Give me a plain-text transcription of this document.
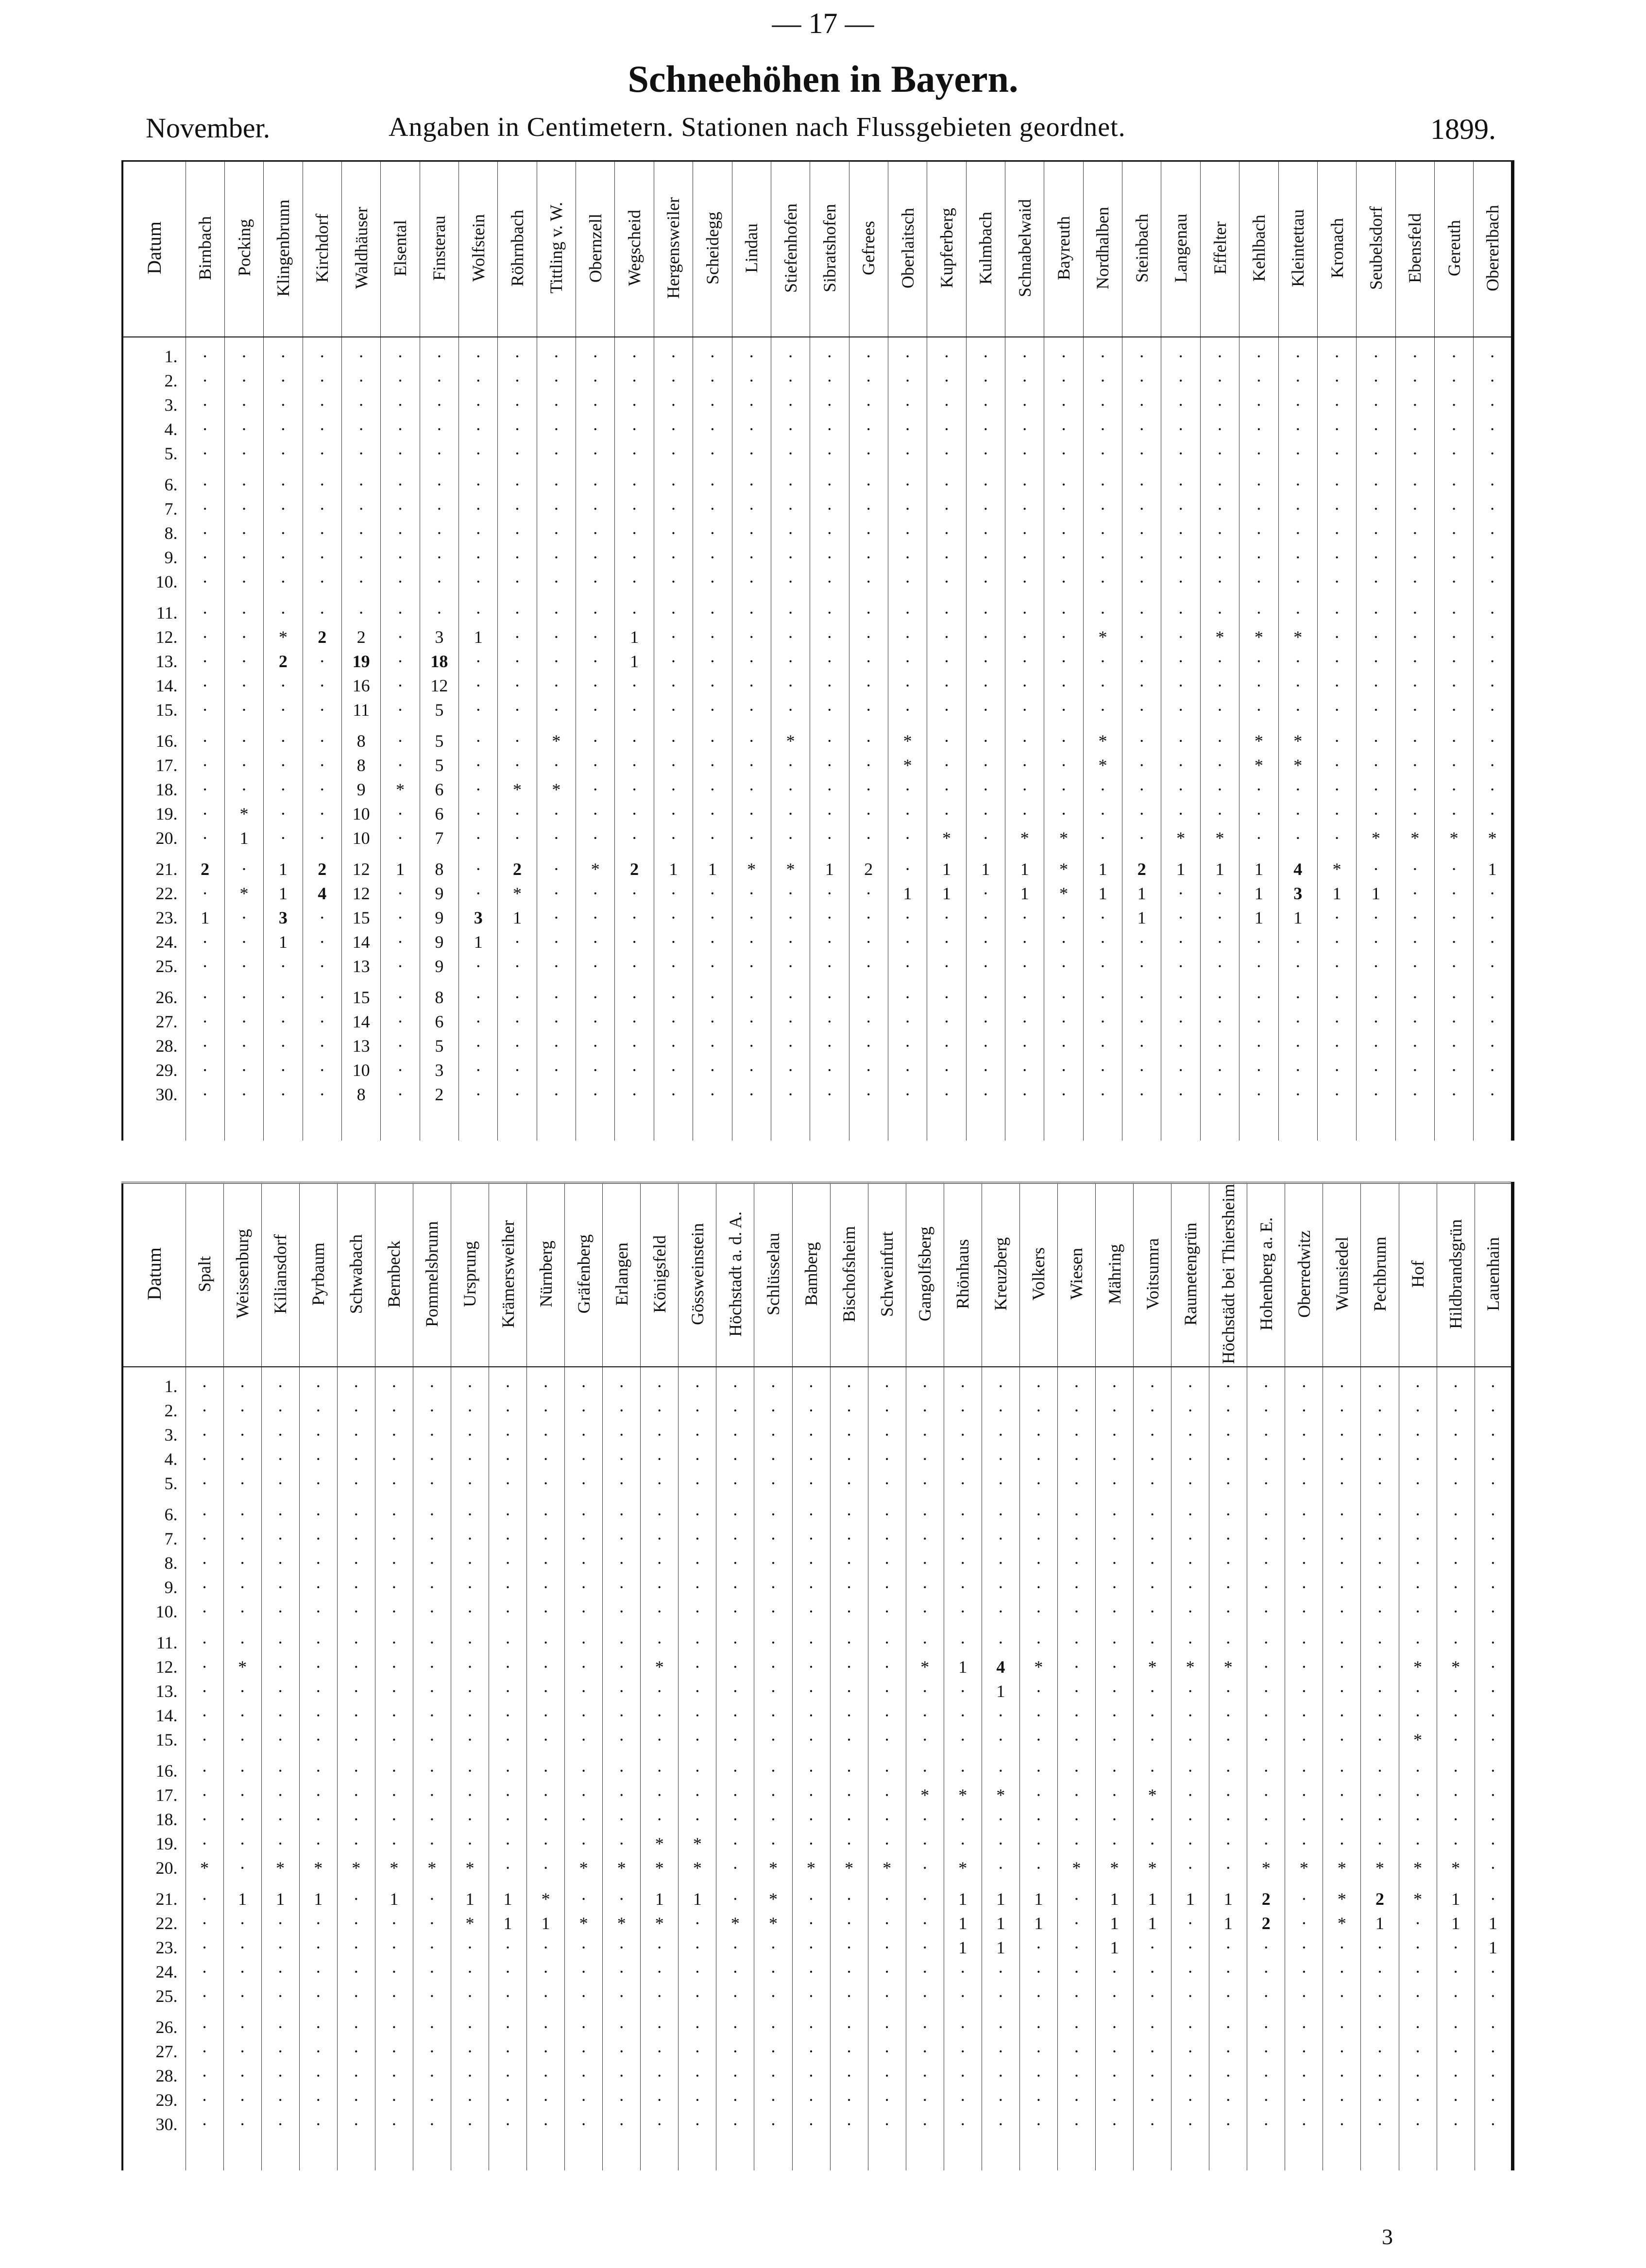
— 17 —
Schneehöhen in Bayern.
November.	Angaben in Centimetern. Stationen nach Flussgebieten geordnet.	1899.
Datum	Birnbach	Pocking	Klingenbrunn	Kirchdorf	Waldhäuser	Elsental	Finsterau	Wolfstein	Röhrnbach	Tittling v. W.	Obernzell	Wegscheid	Hergensweiler	Scheidegg	Lindau	Stiefenhofen	Sibratshofen	Gefrees	Oberlaitsch	Kupferberg	Kulmbach	Schnabelwaid	Bayreuth	Nordhalben	Steinbach	Langenau	Effelter	Kehlbach	Kleintettau	Kronach	Seubelsdorf	Ebensfeld	Gereuth	Obererlbach

1.	·	·	·	·	·	·	·	·	·	·	·	·	·	·	·	·	·	·	·	·	·	·	·	·	·	·	·	·	·	·	·	·	·	·
2.	·	·	·	·	·	·	·	·	·	·	·	·	·	·	·	·	·	·	·	·	·	·	·	·	·	·	·	·	·	·	·	·	·	·
3.	·	·	·	·	·	·	·	·	·	·	·	·	·	·	·	·	·	·	·	·	·	·	·	·	·	·	·	·	·	·	·	·	·	·
4.	·	·	·	·	·	·	·	·	·	·	·	·	·	·	·	·	·	·	·	·	·	·	·	·	·	·	·	·	·	·	·	·	·	·
5.	·	·	·	·	·	·	·	·	·	·	·	·	·	·	·	·	·	·	·	·	·	·	·	·	·	·	·	·	·	·	·	·	·	·

6.	·	·	·	·	·	·	·	·	·	·	·	·	·	·	·	·	·	·	·	·	·	·	·	·	·	·	·	·	·	·	·	·	·	·
7.	·	·	·	·	·	·	·	·	·	·	·	·	·	·	·	·	·	·	·	·	·	·	·	·	·	·	·	·	·	·	·	·	·	·
8.	·	·	·	·	·	·	·	·	·	·	·	·	·	·	·	·	·	·	·	·	·	·	·	·	·	·	·	·	·	·	·	·	·	·
9.	·	·	·	·	·	·	·	·	·	·	·	·	·	·	·	·	·	·	·	·	·	·	·	·	·	·	·	·	·	·	·	·	·	·
10.	·	·	·	·	·	·	·	·	·	·	·	·	·	·	·	·	·	·	·	·	·	·	·	·	·	·	·	·	·	·	·	·	·	·

11.	·	·	·	·	·	·	·	·	·	·	·	·	·	·	·	·	·	·	·	·	·	·	·	·	·	·	·	·	·	·	·	·	·	·
12.	·	·	*	2	2	·	3	1	·	·	·	1	·	·	·	·	·	·	·	·	·	·	·	*	·	·	*	*	*	·	·	·	·	·
13.	·	·	2	·	19	·	18	·	·	·	·	1	·	·	·	·	·	·	·	·	·	·	·	·	·	·	·	·	·	·	·	·	·	·
14.	·	·	·	·	16	·	12	·	·	·	·	·	·	·	·	·	·	·	·	·	·	·	·	·	·	·	·	·	·	·	·	·	·	·
15.	·	·	·	·	11	·	5	·	·	·	·	·	·	·	·	·	·	·	·	·	·	·	·	·	·	·	·	·	·	·	·	·	·	·

16.	·	·	·	·	8	·	5	·	·	*	·	·	·	·	·	*	·	·	*	·	·	·	·	*	·	·	·	*	*	·	·	·	·	·
17.	·	·	·	·	8	·	5	·	·	·	·	·	·	·	·	·	·	·	*	·	·	·	·	*	·	·	·	*	*	·	·	·	·	·
18.	·	·	·	·	9	*	6	·	*	*	·	·	·	·	·	·	·	·	·	·	·	·	·	·	·	·	·	·	·	·	·	·	·	·
19.	·	*	·	·	10	·	6	·	·	·	·	·	·	·	·	·	·	·	·	·	·	·	·	·	·	·	·	·	·	·	·	·	·	·
20.	·	1	·	·	10	·	7	·	·	·	·	·	·	·	·	·	·	·	·	*	·	*	*	·	·	*	*	·	·	·	*	*	*	*

21.	2	·	1	2	12	1	8	·	2	·	*	2	1	1	*	*	1	2	·	1	1	1	*	1	2	1	1	1	4	*	·	·	·	1
22.	·	*	1	4	12	·	9	·	*	·	·	·	·	·	·	·	·	·	1	1	·	1	*	1	1	·	·	1	3	1	1	·	·	·
23.	1	·	3	·	15	·	9	3	1	·	·	·	·	·	·	·	·	·	·	·	·	·	·	·	1	·	·	1	1	·	·	·	·	·
24.	·	·	1	·	14	·	9	1	·	·	·	·	·	·	·	·	·	·	·	·	·	·	·	·	·	·	·	·	·	·	·	·	·	·
25.	·	·	·	·	13	·	9	·	·	·	·	·	·	·	·	·	·	·	·	·	·	·	·	·	·	·	·	·	·	·	·	·	·	·

26.	·	·	·	·	15	·	8	·	·	·	·	·	·	·	·	·	·	·	·	·	·	·	·	·	·	·	·	·	·	·	·	·	·	·
27.	·	·	·	·	14	·	6	·	·	·	·	·	·	·	·	·	·	·	·	·	·	·	·	·	·	·	·	·	·	·	·	·	·	·
28.	·	·	·	·	13	·	5	·	·	·	·	·	·	·	·	·	·	·	·	·	·	·	·	·	·	·	·	·	·	·	·	·	·	·
29.	·	·	·	·	10	·	3	·	·	·	·	·	·	·	·	·	·	·	·	·	·	·	·	·	·	·	·	·	·	·	·	·	·	·
30.	·	·	·	·	8	·	2	·	·	·	·	·	·	·	·	·	·	·	·	·	·	·	·	·	·	·	·	·	·	·	·	·	·	·

Datum	Spalt	Weissenburg	Kiliansdorf	Pyrbaum	Schwabach	Bernbeck	Pommelsbrunn	Ursprung	Krämersweiher	Nürnberg	Gräfenberg	Erlangen	Königsfeld	Gössweinstein	Höchstadt a. d. A.	Schlüsselau	Bamberg	Bischofsheim	Schweinfurt	Gangolfsberg	Rhönhaus	Kreuzberg	Volkers	Wiesen	Mähring	Voitsumra	Raumetengrün	Höchstädt bei Thiersheim	Hohenberg a. E.	Oberredwitz	Wunsiedel	Pechbrunn	Hof	Hildbrandsgrün	Lauenhain

1.	·	·	·	·	·	·	·	·	·	·	·	·	·	·	·	·	·	·	·	·	·	·	·	·	·	·	·	·	·	·	·	·	·	·	·
2.	·	·	·	·	·	·	·	·	·	·	·	·	·	·	·	·	·	·	·	·	·	·	·	·	·	·	·	·	·	·	·	·	·	·	·
3.	·	·	·	·	·	·	·	·	·	·	·	·	·	·	·	·	·	·	·	·	·	·	·	·	·	·	·	·	·	·	·	·	·	·	·
4.	·	·	·	·	·	·	·	·	·	·	·	·	·	·	·	·	·	·	·	·	·	·	·	·	·	·	·	·	·	·	·	·	·	·	·
5.	·	·	·	·	·	·	·	·	·	·	·	·	·	·	·	·	·	·	·	·	·	·	·	·	·	·	·	·	·	·	·	·	·	·	·

6.	·	·	·	·	·	·	·	·	·	·	·	·	·	·	·	·	·	·	·	·	·	·	·	·	·	·	·	·	·	·	·	·	·	·	·
7.	·	·	·	·	·	·	·	·	·	·	·	·	·	·	·	·	·	·	·	·	·	·	·	·	·	·	·	·	·	·	·	·	·	·	·
8.	·	·	·	·	·	·	·	·	·	·	·	·	·	·	·	·	·	·	·	·	·	·	·	·	·	·	·	·	·	·	·	·	·	·	·
9.	·	·	·	·	·	·	·	·	·	·	·	·	·	·	·	·	·	·	·	·	·	·	·	·	·	·	·	·	·	·	·	·	·	·	·
10.	·	·	·	·	·	·	·	·	·	·	·	·	·	·	·	·	·	·	·	·	·	·	·	·	·	·	·	·	·	·	·	·	·	·	·

11.	·	·	·	·	·	·	·	·	·	·	·	·	·	·	·	·	·	·	·	·	·	·	·	·	·	·	·	·	·	·	·	·	·	·	·
12.	·	*	·	·	·	·	·	·	·	·	·	·	*	·	·	·	·	·	·	*	1	4	*	·	·	*	*	*	·	·	·	·	*	*	·
13.	·	·	·	·	·	·	·	·	·	·	·	·	·	·	·	·	·	·	·	·	·	1	·	·	·	·	·	·	·	·	·	·	·	·	·
14.	·	·	·	·	·	·	·	·	·	·	·	·	·	·	·	·	·	·	·	·	·	·	·	·	·	·	·	·	·	·	·	·	·	·	·
15.	·	·	·	·	·	·	·	·	·	·	·	·	·	·	·	·	·	·	·	·	·	·	·	·	·	·	·	·	·	·	·	·	*	·	·

16.	·	·	·	·	·	·	·	·	·	·	·	·	·	·	·	·	·	·	·	·	·	·	·	·	·	·	·	·	·	·	·	·	·	·	·
17.	·	·	·	·	·	·	·	·	·	·	·	·	·	·	·	·	·	·	·	*	*	*	·	·	·	*	·	·	·	·	·	·	·	·	·
18.	·	·	·	·	·	·	·	·	·	·	·	·	·	·	·	·	·	·	·	·	·	·	·	·	·	·	·	·	·	·	·	·	·	·	·
19.	·	·	·	·	·	·	·	·	·	·	·	·	*	*	·	·	·	·	·	·	·	·	·	·	·	·	·	·	·	·	·	·	·	·	·
20.	*	·	*	*	*	*	*	*	·	·	*	*	*	*	·	*	*	*	*	·	*	·	·	*	*	*	·	·	*	*	*	*	*	*	·

21.	·	1	1	1	·	1	·	1	1	*	·	·	1	1	·	*	·	·	·	·	1	1	1	·	1	1	1	1	2	·	*	2	*	1	·
22.	·	·	·	·	·	·	·	*	1	1	*	*	*	·	*	*	·	·	·	·	1	1	1	·	1	1	·	1	2	·	*	1	·	1	1
23.	·	·	·	·	·	·	·	·	·	·	·	·	·	·	·	·	·	·	·	·	1	1	·	·	1	·	·	·	·	·	·	·	·	·	1
24.	·	·	·	·	·	·	·	·	·	·	·	·	·	·	·	·	·	·	·	·	·	·	·	·	·	·	·	·	·	·	·	·	·	·	·
25.	·	·	·	·	·	·	·	·	·	·	·	·	·	·	·	·	·	·	·	·	·	·	·	·	·	·	·	·	·	·	·	·	·	·	·

26.	·	·	·	·	·	·	·	·	·	·	·	·	·	·	·	·	·	·	·	·	·	·	·	·	·	·	·	·	·	·	·	·	·	·	·
27.	·	·	·	·	·	·	·	·	·	·	·	·	·	·	·	·	·	·	·	·	·	·	·	·	·	·	·	·	·	·	·	·	·	·	·
28.	·	·	·	·	·	·	·	·	·	·	·	·	·	·	·	·	·	·	·	·	·	·	·	·	·	·	·	·	·	·	·	·	·	·	·
29.	·	·	·	·	·	·	·	·	·	·	·	·	·	·	·	·	·	·	·	·	·	·	·	·	·	·	·	·	·	·	·	·	·	·	·
30.	·	·	·	·	·	·	·	·	·	·	·	·	·	·	·	·	·	·	·	·	·	·	·	·	·	·	·	·	·	·	·	·	·	·	·

3
